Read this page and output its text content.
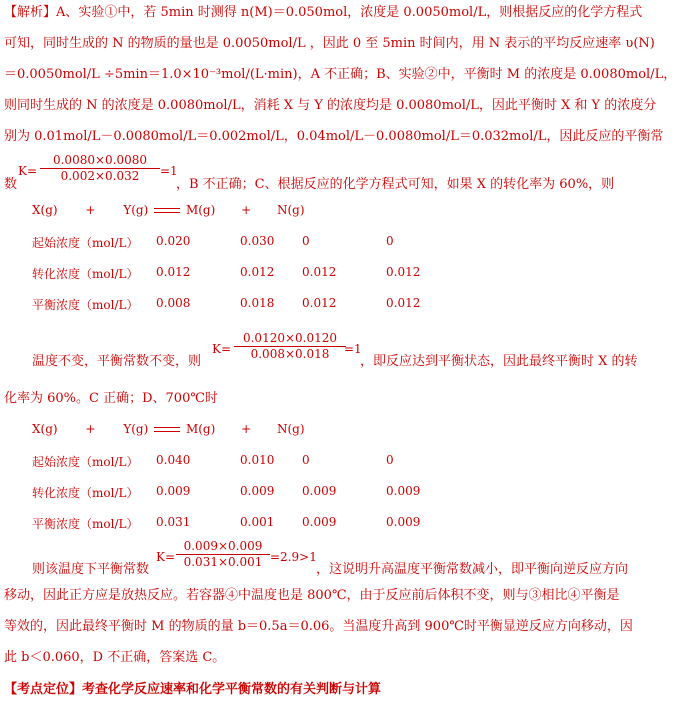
【解析】A、实验①中，若 5min 时测得 n(M)＝0.050mol，浓度是 0.0050mol/L，则根据反应的化学方程式
可知，同时生成的 N 的物质的量也是 0.0050mol/L ，因此 0 至 5min 时间内，用 N 表示的平均反应速率 υ(N)
＝0.0050mol/L ÷5min＝1.0×10⁻³mol/(L·min)，A 不正确；B、实验②中，平衡时 M 的浓度是 0.0080mol/L，
则同时生成的 N 的浓度是 0.0080mol/L，消耗 X 与 Y 的浓度均是 0.0080mol/L，因此平衡时 X 和 Y 的浓度分
别为 0.01mol/L－0.0080mol/L＝0.002mol/L，0.04mol/L－0.0080mol/L＝0.032mol/L，因此反应的平衡常
数
$K= \frac{0.0080\times 0.0080}{0.002\times 0.032} =1$
，B 不正确；C、根据反应的化学方程式可知，如果 X 的转化率为 60%，则
X(g) + Y(g)	M(g) + N(g)
起始浓度（mol/L） 0.020	0.030 0	0
转化浓度（mol/L） 0.012	0.012 0.012	0.012
平衡浓度（mol/L） 0.008	0.018 0.012	0.012
温度不变，平衡常数不变，则
$K= \frac{0.0120\times 0.0120}{0.008\times 0.018}$
=1
，即反应达到平衡状态，因此最终平衡时 X 的转
化率为 60%。C 正确；D、700℃时
X(g) + Y(g)	M(g) + N(g)
起始浓度（mol/L） 0.040	0.010 0	0
转化浓度（mol/L） 0.009	0.009 0.009	0.009
平衡浓度（mol/L） 0.031	0.001 0.009	0.009
则该温度下平衡常数
$K= \frac{0.009\times 0.009}{0.031\times 0.001} =2.9>1$
，这说明升高温度平衡常数减小，即平衡向逆反应方向
移动，因此正方应是放热反应。若容器④中温度也是 800℃，由于反应前后体积不变，则与③相比④平衡是
等效的，因此最终平衡时 M 的物质的量 b＝0.5a＝0.06。当温度升高到 900℃时平衡显逆反应方向移动，因
此 b＜0.060，D 不正确，答案选 C。
【考点定位】考查化学反应速率和化学平衡常数的有关判断与计算
